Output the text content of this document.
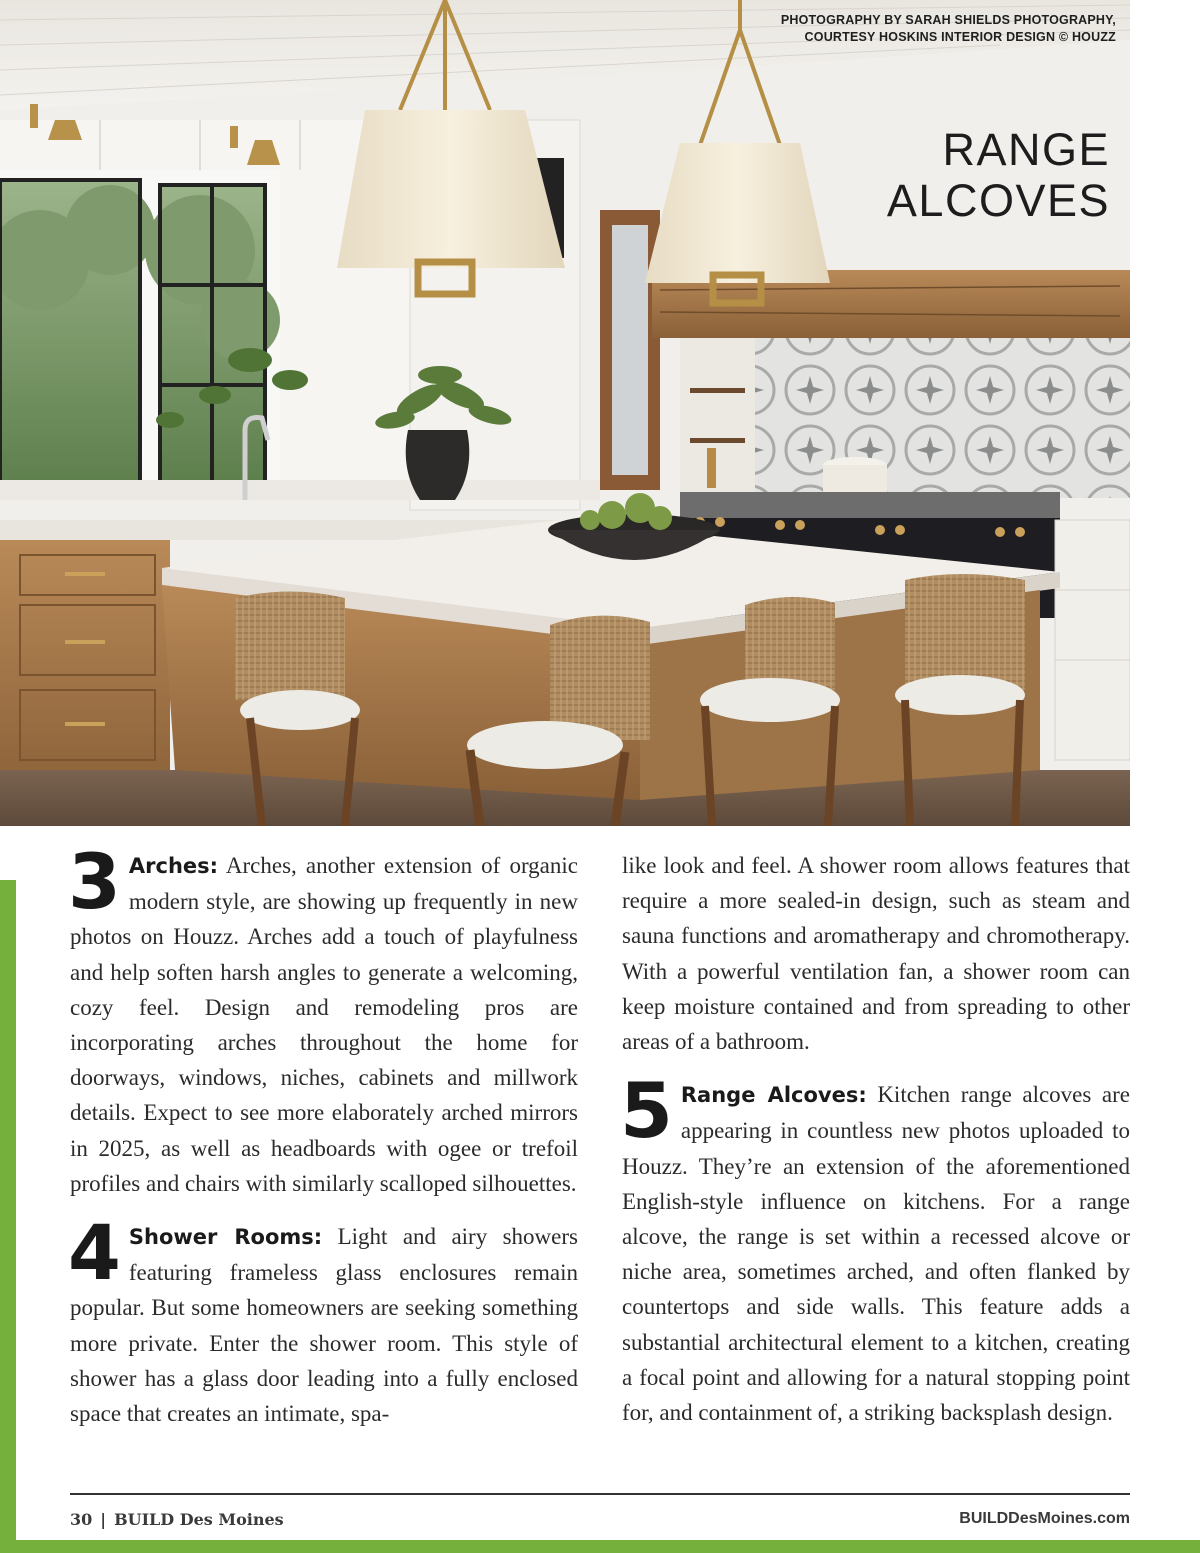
PHOTOGRAPHY BY SARAH SHIELDS PHOTOGRAPHY,
COURTESY HOSKINS INTERIOR DESIGN © HOUZZ
RANGE
ALCOVES

3 Arches: Arches, another extension of organic modern style, are showing up frequently in new photos on Houzz. Arches add a touch of playfulness and help soften harsh angles to generate a welcoming, cozy feel. Design and remodeling pros are incorporating arches throughout the home for doorways, windows, niches, cabinets and millwork details. Expect to see more elaborately arched mirrors in 2025, as well as headboards with ogee or trefoil profiles and chairs with similarly scalloped silhouettes.

4 Shower Rooms: Light and airy showers featuring frameless glass enclosures remain popular. But some homeowners are seeking something more private. Enter the shower room. This style of shower has a glass door leading into a fully enclosed space that creates an intimate, spa-

like look and feel. A shower room allows features that require a more sealed-in design, such as steam and sauna functions and aromatherapy and chromotherapy. With a powerful ventilation fan, a shower room can keep moisture contained and from spreading to other areas of a bathroom.

5 Range Alcoves: Kitchen range alcoves are appearing in countless new photos uploaded to Houzz. They’re an extension of the aforementioned English-style influence on kitchens. For a range alcove, the range is set within a recessed alcove or niche area, sometimes arched, and often flanked by countertops and side walls. This feature adds a substantial architectural element to a kitchen, creating a focal point and allowing for a natural stopping point for, and containment of, a striking backsplash design.

30 | BUILD Des Moines	BUILDDesMoines.com
